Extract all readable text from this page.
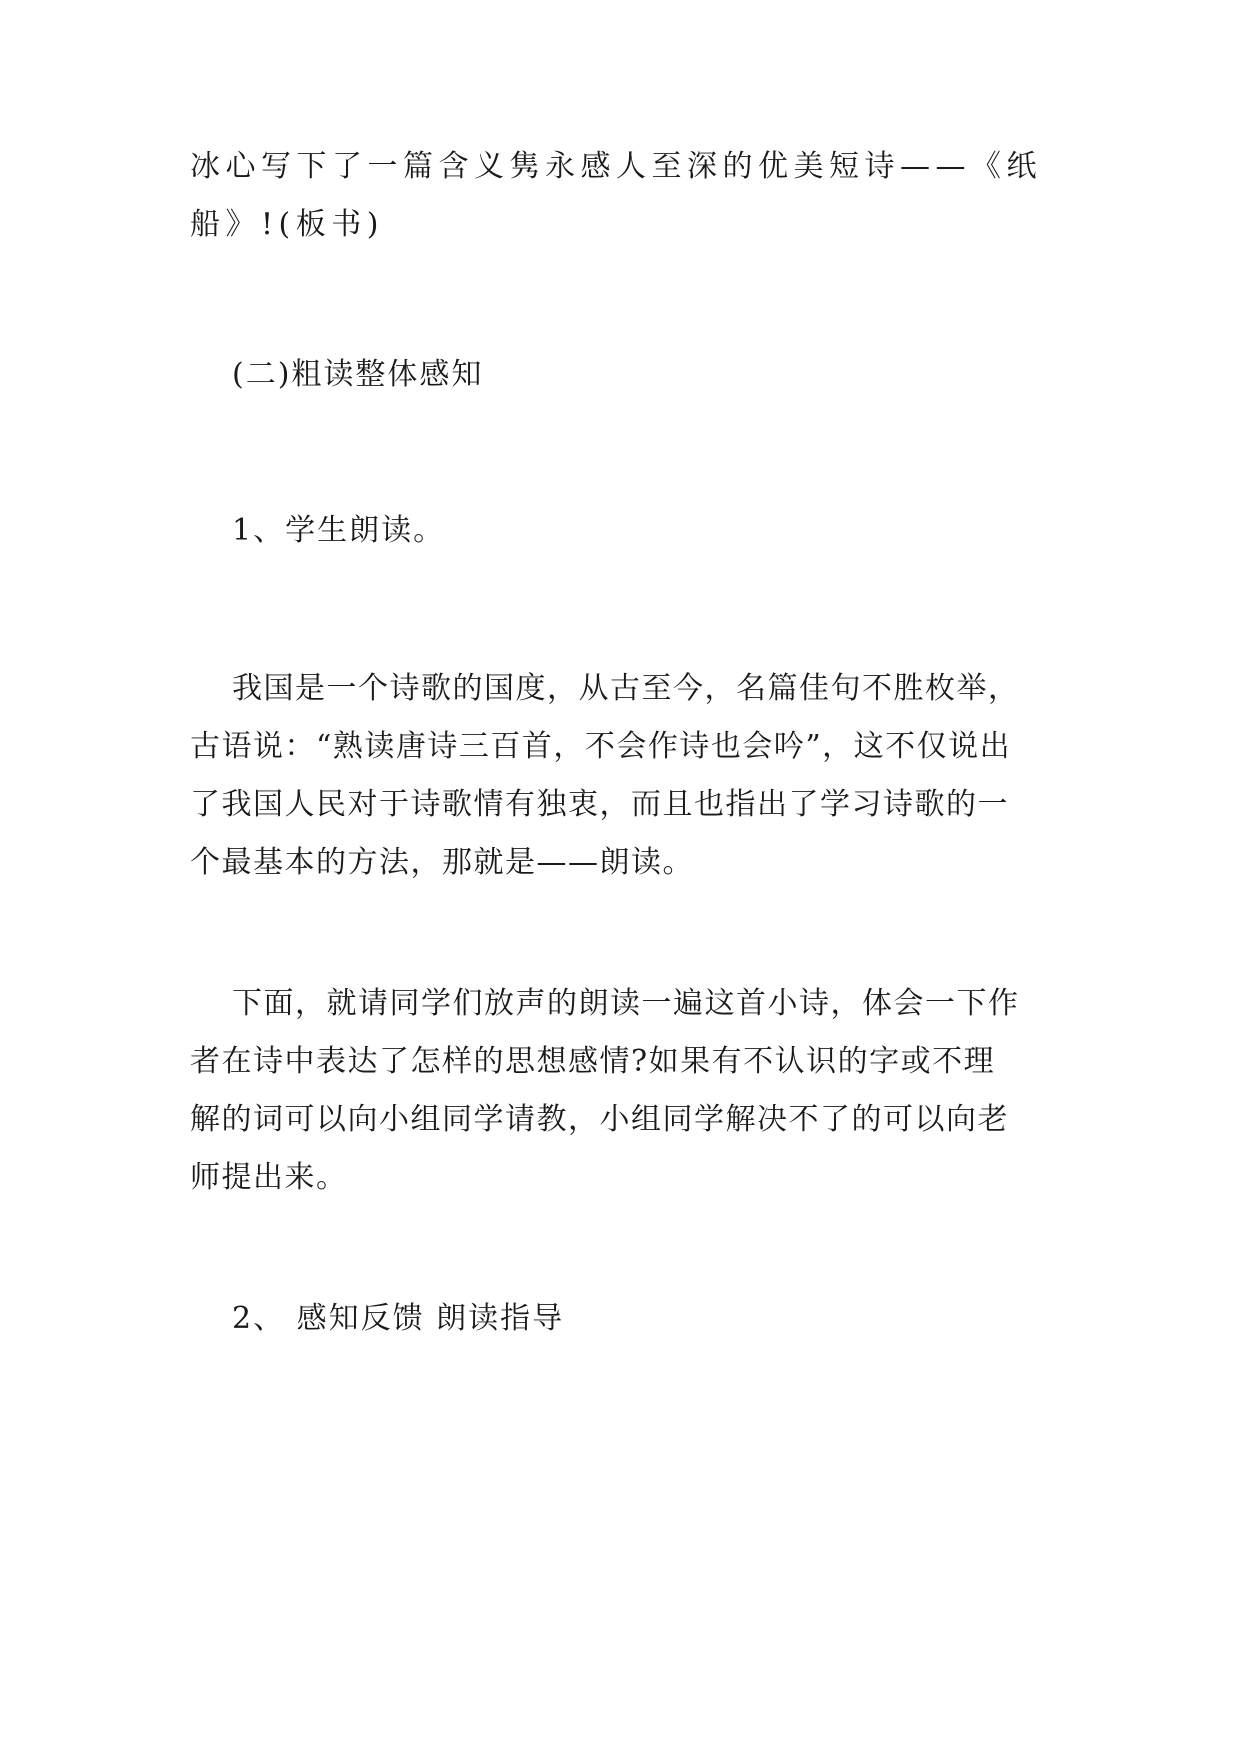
冰心写下了一篇含义隽永感人至深的优美短诗——《纸
船》!(板书)

(二)粗读整体感知

1、学生朗读。

我国是一个诗歌的国度，从古至今，名篇佳句不胜枚举，
古语说：“熟读唐诗三百首，不会作诗也会吟”，这不仅说出
了我国人民对于诗歌情有独衷，而且也指出了学习诗歌的一
个最基本的方法，那就是——朗读。

下面，就请同学们放声的朗读一遍这首小诗，体会一下作
者在诗中表达了怎样的思想感情?如果有不认识的字或不理
解的词可以向小组同学请教，小组同学解决不了的可以向老
师提出来。

2、 感知反馈 朗读指导
